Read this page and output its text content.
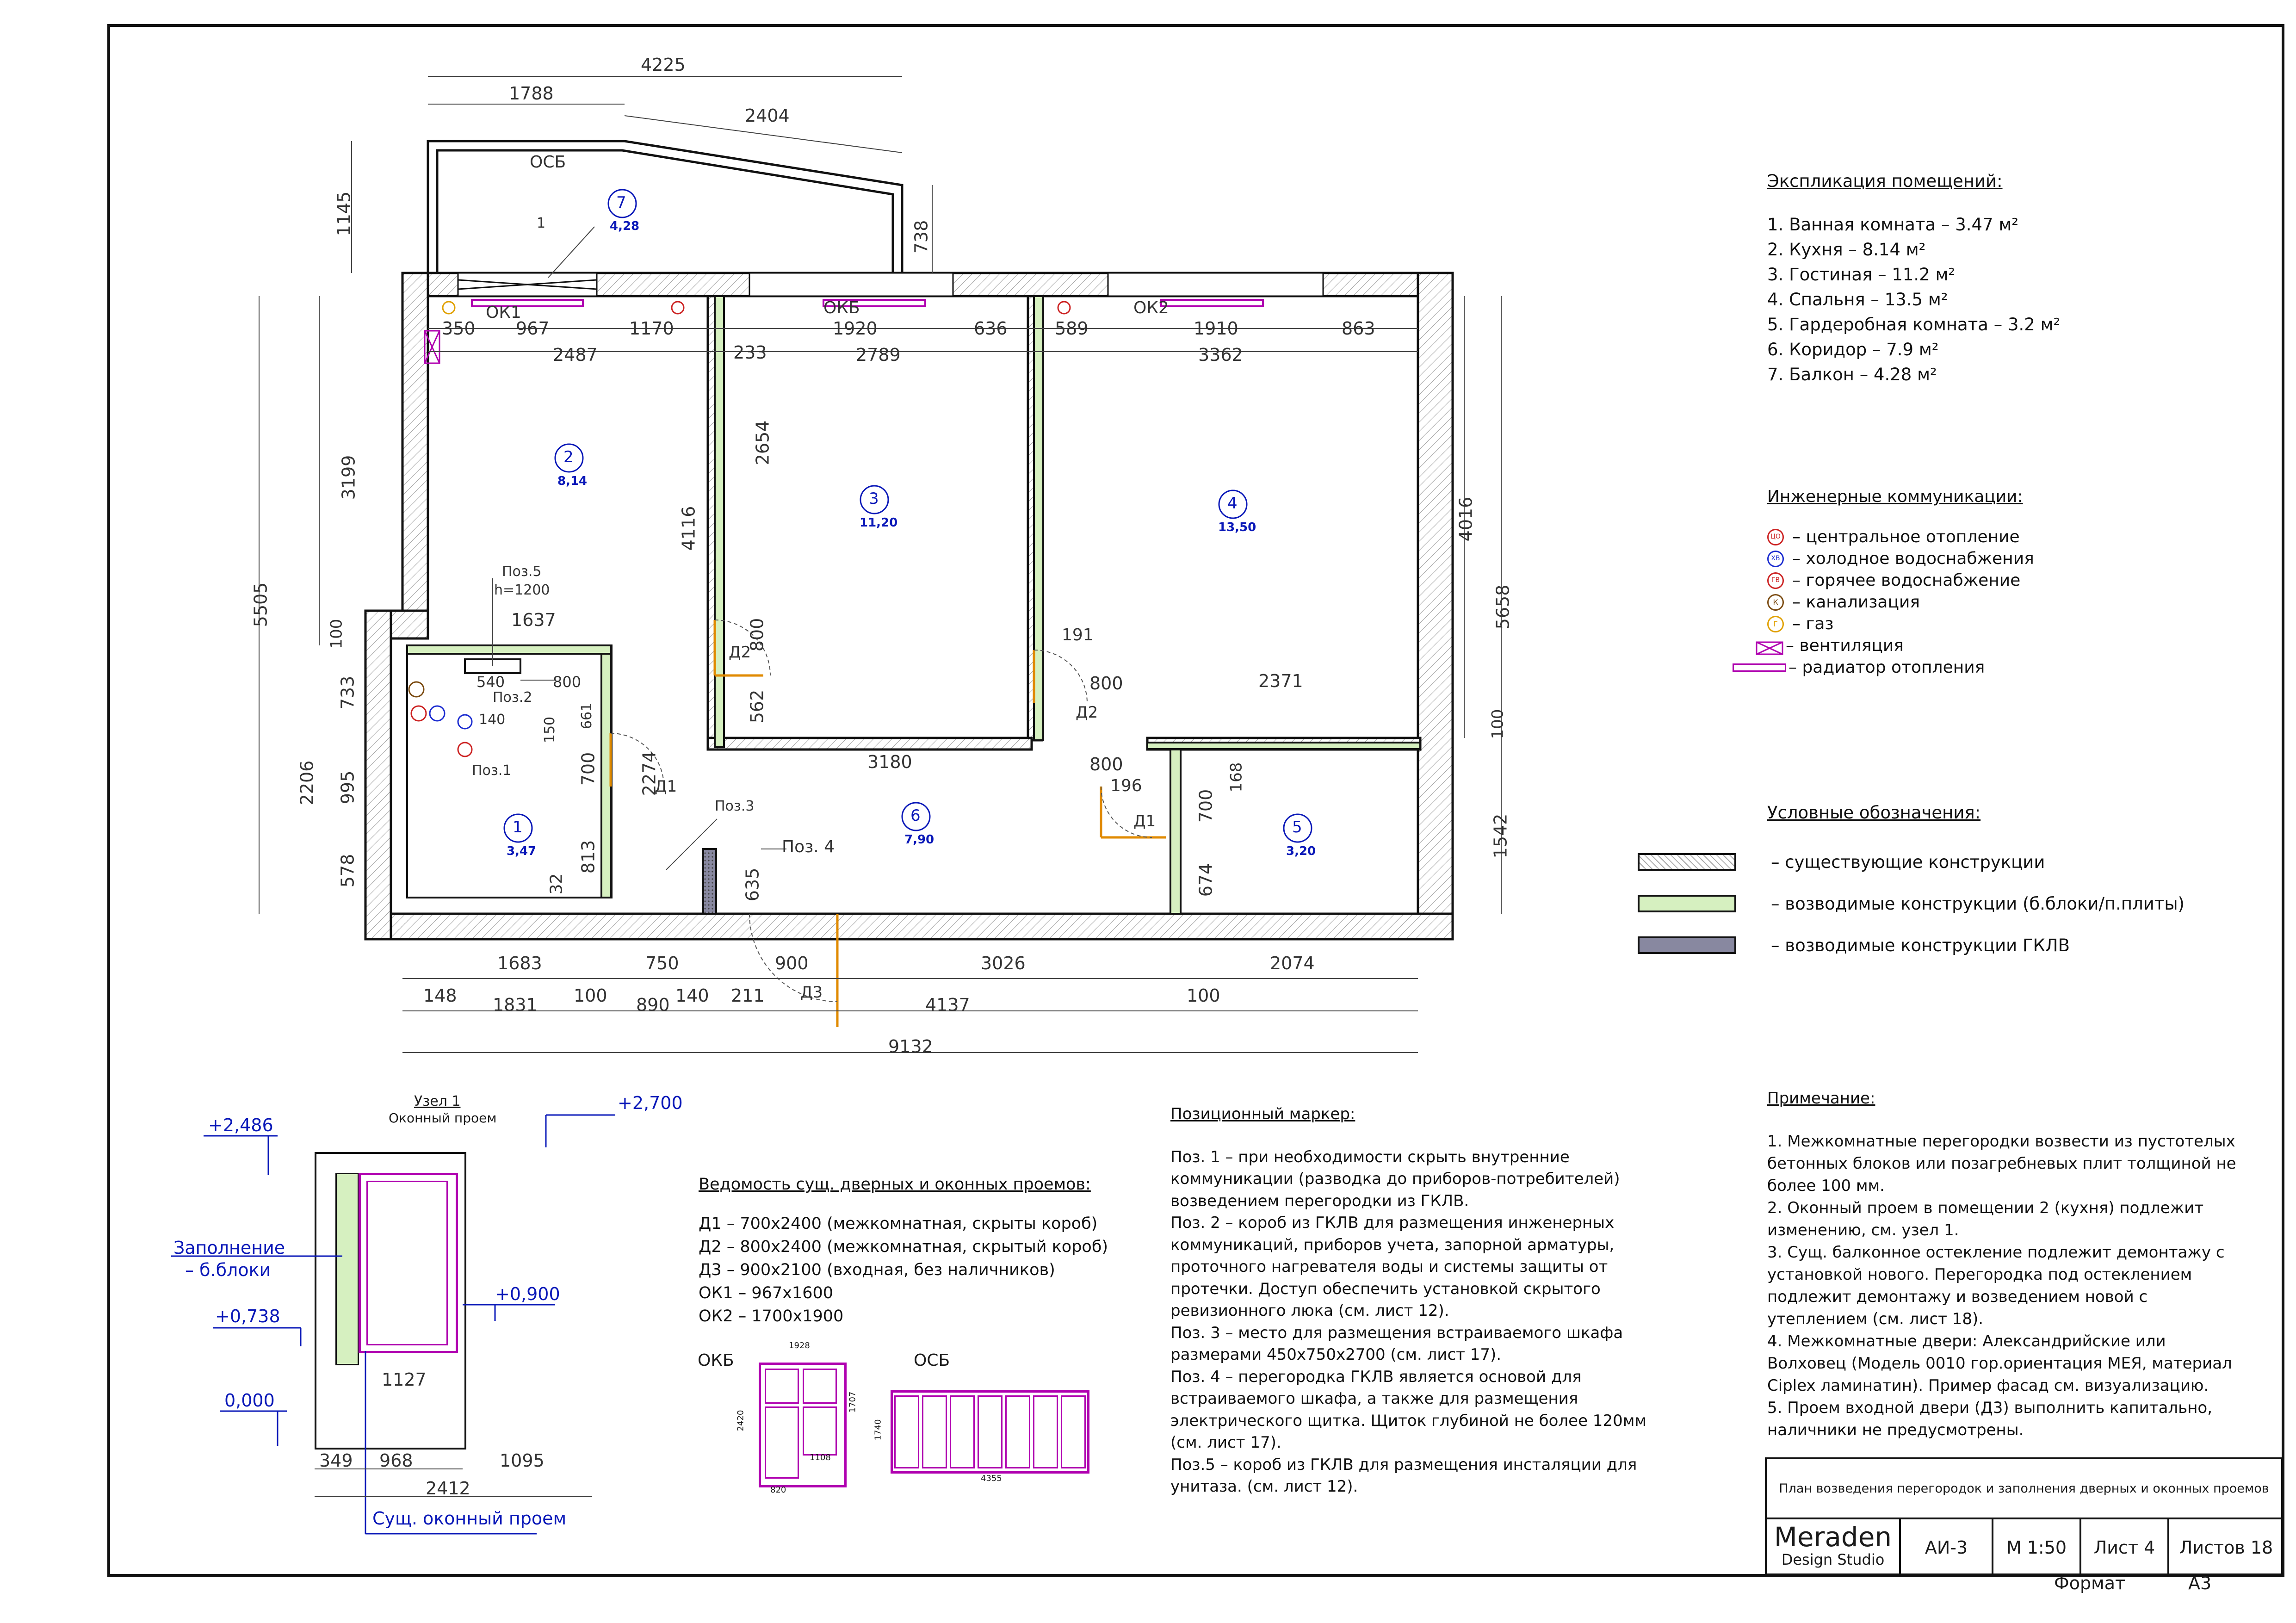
7
4,28
2
8,14
3
11,20
4
13,50
1
3,47
6
7,90
5
3,20
ОСБ
ОК1	ОКБ	ОК2
1
Поз.5
h=1200
Поз.2
Поз.1
Поз.3
Поз. 4
Д1
Д2
Д2
Д1
Д3
4225
1788
2404
1145
738
350 967	1170	1920	636	589	1910	863
2487	233	2789	3362
3199
5505
4116
2654
4016
5658
1637
540	800
150
661
140
700 2274
800
562
191
800	2371
3180	800
196
700
168
674
635
813
32
100
733
995
2206
578
1542
100
1683	750	900	3026	2074
148 1831 100 890 140 211	4137	100
9132
Экспликация помещений:
1. Ванная комната – 3.47 м²
2. Кухня – 8.14 м²
3. Гостиная – 11.2 м²
4. Спальня – 13.5 м²
5. Гардеробная комната – 3.2 м²
6. Коридор – 7.9 м²
7. Балкон – 4.28 м²
Инженерные коммуникации:
ЦО – центральное отопление
ХВ – холодное водоснабжения
ГВ – горячее водоснабжение
К – канализация
Г – газ
– вентиляция
– радиатор отопления
Условные обозначения:
– существующие конструкции
– возводимые конструкции (б.блоки/п.плиты)
– возводимые конструкции ГКЛВ
Узел 1
Оконный проем
+2,486
+2,700
+0,900
+0,738
0,000
Заполнение
– б.блоки
Сущ. оконный проем
1127
349 968	1095
2412
Ведомость сущ. дверных и оконных проемов:
Д1 – 700х2400 (межкомнатная, скрыты короб)
Д2 – 800х2400 (межкомнатная, скрытый короб)
Д3 – 900х2100 (входная, без наличников)
ОК1 – 967х1600
ОК2 – 1700х1900
ОКБ	ОСБ
1928
2420
1707
1108
820
1740
4355
Позиционный маркер:
Поз. 1 – при необходимости скрыть внутренние
коммуникации (разводка до приборов-потребителей)
возведением перегородки из ГКЛВ.
Поз. 2 – короб из ГКЛВ для размещения инженерных
коммуникаций, приборов учета, запорной арматуры,
проточного нагревателя воды и системы защиты от
протечки. Доступ обеспечить установкой скрытого
ревизионного люка (см. лист 12).
Поз. 3 – место для размещения встраиваемого шкафа
размерами 450х750х2700 (см. лист 17).
Поз. 4 – перегородка ГКЛВ является основой для
встраиваемого шкафа, а также для размещения
электрического щитка. Щиток глубиной не более 120мм
(см. лист 17).
Поз.5 – короб из ГКЛВ для размещения инсталяции для
унитаза. (см. лист 12).
Примечание:
1. Межкомнатные перегородки возвести из пустотелых
бетонных блоков или позагребневых плит толщиной не
более 100 мм.
2. Оконный проем в помещении 2 (кухня) подлежит
изменению, см. узел 1.
3. Сущ. балконное остекление подлежит демонтажу с
установкой нового. Перегородка под остеклением
подлежит демонтажу и возведением новой с
утеплением (см. лист 18).
4. Межкомнатные двери: Александрийские или
Волховец (Модель 0010 гор.ориентация МЕЯ, материал
Ciplex ламинатин). Пример фасад см. визуализацию.
5. Проем входной двери (Д3) выполнить капитально,
наличники не предусмотрены.
План возведения перегородок и заполнения дверных и оконных проемов
Meraden
Design Studio
АИ-3	М 1:50	Лист 4	Листов 18
Формат	А3
